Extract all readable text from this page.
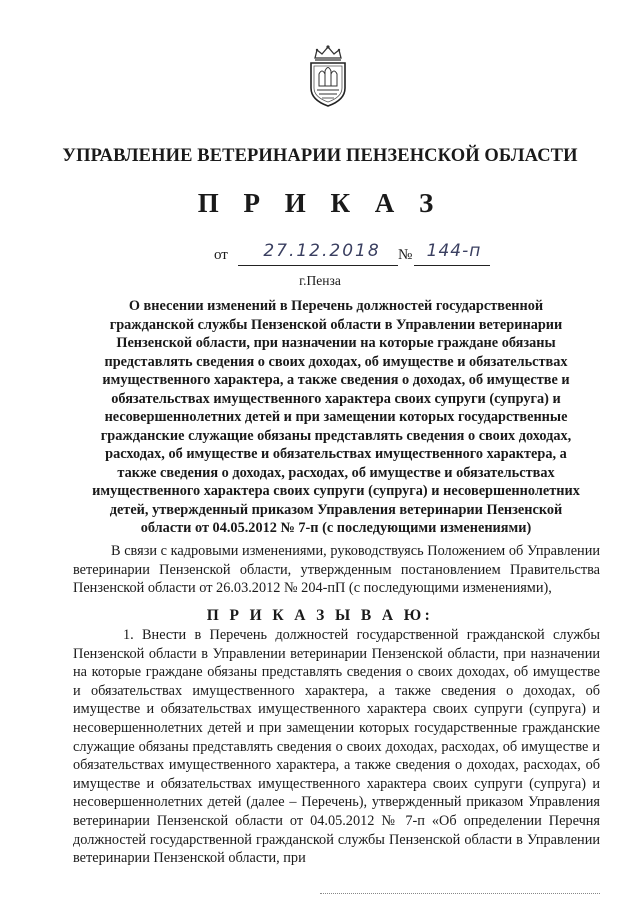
УПРАВЛЕНИЕ ВЕТЕРИНАРИИ ПЕНЗЕНСКОЙ ОБЛАСТИ
П Р И К А З
от	27.12.2018	№ 144-п
г.Пенза
О внесении изменений в Перечень должностей государственной гражданской службы Пензенской области в Управлении ветеринарии Пензенской области, при назначении на которые граждане обязаны представлять сведения о своих доходах, об имуществе и обязательствах имущественного характера, а также сведения о доходах, об имуществе и обязательствах имущественного характера своих супруги (супруга) и несовершеннолетних детей и при замещении которых государственные гражданские служащие обязаны представлять сведения о своих доходах, расходах, об имуществе и обязательствах имущественного характера, а также сведения о доходах, расходах, об имуществе и обязательствах имущественного характера своих супруги (супруга) и несовершеннолетних детей, утвержденный приказом Управления ветеринарии Пензенской области от 04.05.2012 № 7-п (с последующими изменениями)
В связи с кадровыми изменениями, руководствуясь Положением об Управлении ветеринарии Пензенской области, утвержденным постановлением Правительства Пензенской области от 26.03.2012 № 204-пП (с последующими изменениями),
П Р И К А З Ы В А Ю:
1. Внести в Перечень должностей государственной гражданской службы Пензенской области в Управлении ветеринарии Пензенской области, при назначении на которые граждане обязаны представлять сведения о своих доходах, об имуществе и обязательствах имущественного характера, а также сведения о доходах, об имуществе и обязательствах имущественного характера своих супруги (супруга) и несовершеннолетних детей и при замещении которых государственные гражданские служащие обязаны представлять сведения о своих доходах, расходах, об имуществе и обязательствах имущественного характера, а также сведения о доходах, расходах, об имуществе и обязательствах имущественного характера своих супруги (супруга) и несовершеннолетних детей (далее – Перечень), утвержденный приказом Управления ветеринарии Пензенской области от 04.05.2012 № 7-п «Об определении Перечня должностей государственной гражданской службы Пензенской области в Управлении ветеринарии Пензенской области, при
